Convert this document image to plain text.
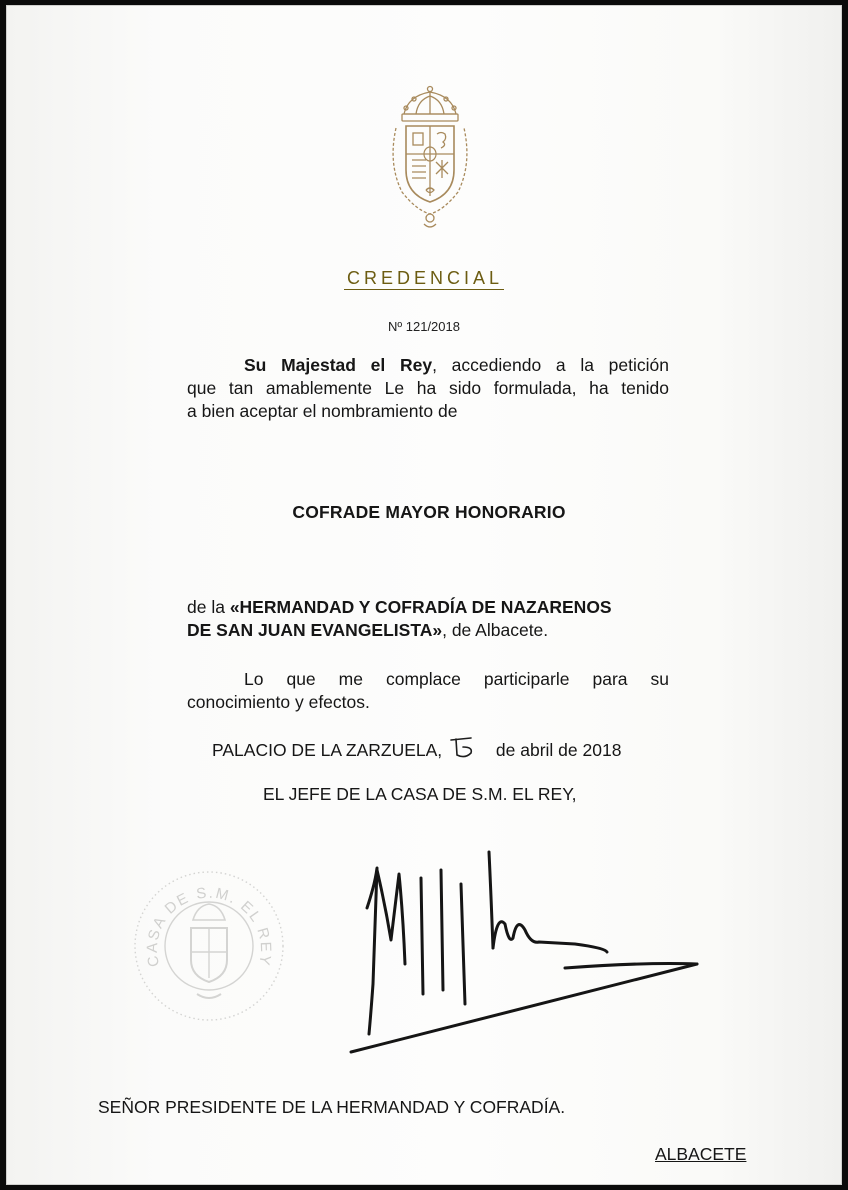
CREDENCIAL
Nº 121/2018
Su Majestad el Rey, accediendo a la petición
que tan amablemente Le ha sido formulada, ha tenido
a bien aceptar el nombramiento de
COFRADE MAYOR HONORARIO
de la «HERMANDAD Y COFRADÍA DE NAZARENOS
DE SAN JUAN EVANGELISTA», de Albacete.
Lo que me complace participarle para su
conocimiento y efectos.
PALACIO DE LA ZARZUELA,	de abril de 2018
EL JEFE DE LA CASA DE S.M. EL REY,
CASA DE S.M. EL REY
SEÑOR PRESIDENTE DE LA HERMANDAD Y COFRADÍA.
ALBACETE
